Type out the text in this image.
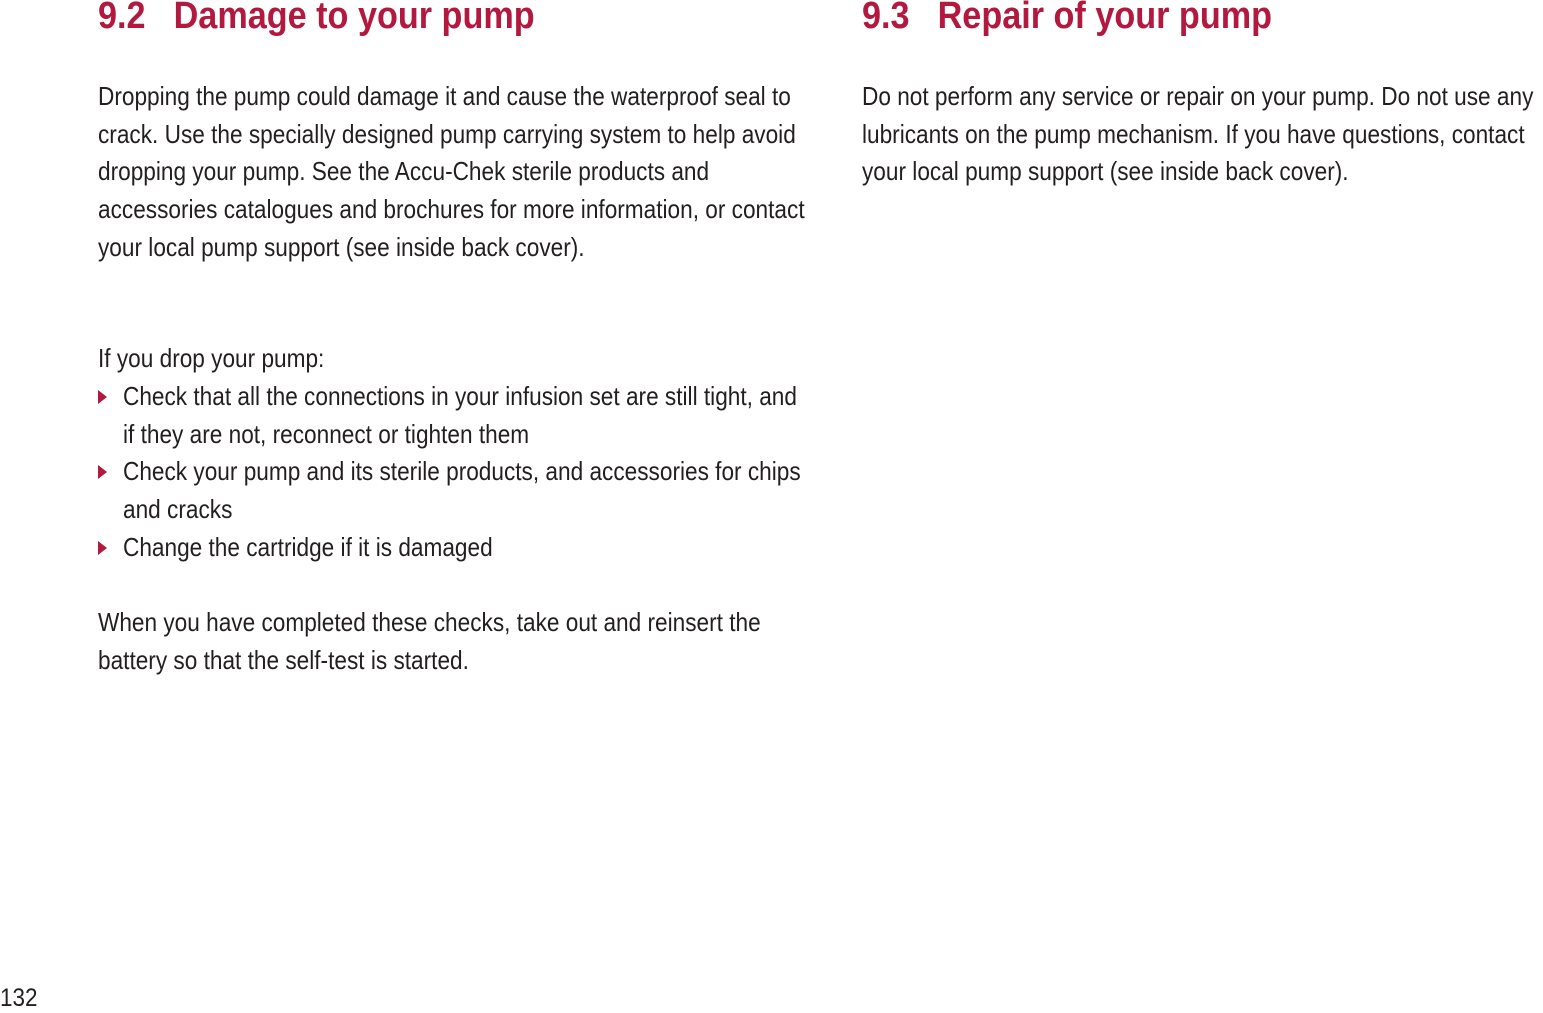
9.2 Damage to your pump

Dropping the pump could damage it and cause the waterproof seal to crack. Use the specially designed pump carrying system to help avoid dropping your pump. See the Accu-Chek sterile products and accessories catalogues and brochures for more information, or contact your local pump support (see inside back cover).

If you drop your pump:

Check that all the connections in your infusion set are still tight, and if they are not, reconnect or tighten them
Check your pump and its sterile products, and accessories for chips and cracks
Change the cartridge if it is damaged

When you have completed these checks, take out and reinsert the battery so that the self-test is started.

9.3 Repair of your pump

Do not perform any service or repair on your pump. Do not use any lubricants on the pump mechanism. If you have questions, contact your local pump support (see inside back cover).

132
